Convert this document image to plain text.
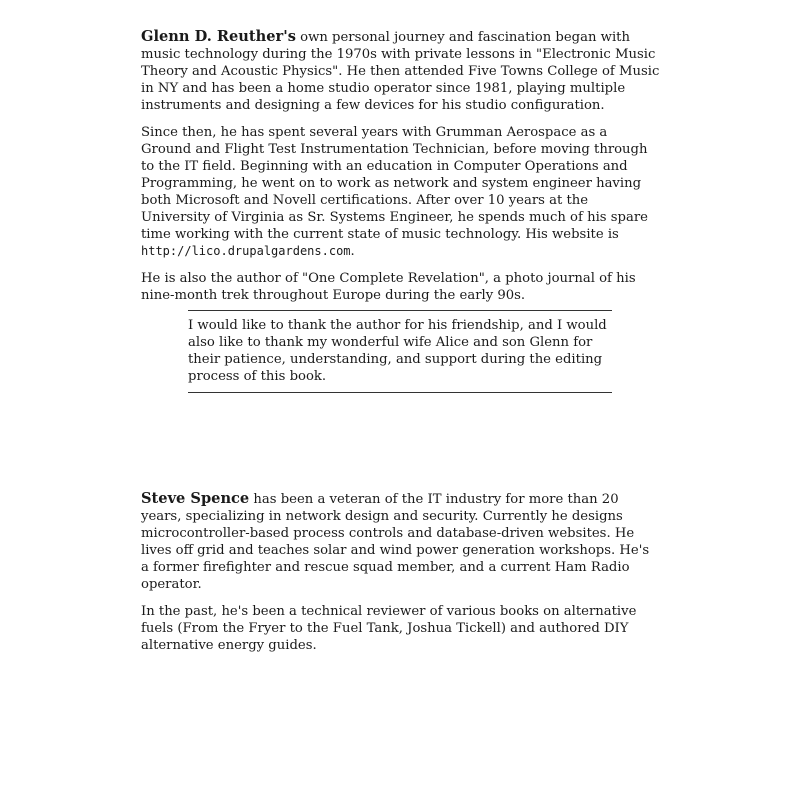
Glenn D. Reuther's own personal journey and fascination began with music technology during the 1970s with private lessons in "Electronic Music Theory and Acoustic Physics". He then attended Five Towns College of Music in NY and has been a home studio operator since 1981, playing multiple instruments and designing a few devices for his studio configuration.

Since then, he has spent several years with Grumman Aerospace as a Ground and Flight Test Instrumentation Technician, before moving through to the IT field. Beginning with an education in Computer Operations and Programming, he went on to work as network and system engineer having both Microsoft and Novell certifications. After over 10 years at the University of Virginia as Sr. Systems Engineer, he spends much of his spare time working with the current state of music technology. His website is http://lico.drupalgardens.com.

He is also the author of "One Complete Revelation", a photo journal of his nine-month trek throughout Europe during the early 90s.

I would like to thank the author for his friendship, and I would also like to thank my wonderful wife Alice and son Glenn for their patience, understanding, and support during the editing process of this book.

Steve Spence has been a veteran of the IT industry for more than 20 years, specializing in network design and security. Currently he designs microcontroller-based process controls and database-driven websites. He lives off grid and teaches solar and wind power generation workshops. He's a former firefighter and rescue squad member, and a current Ham Radio operator.

In the past, he's been a technical reviewer of various books on alternative fuels (From the Fryer to the Fuel Tank, Joshua Tickell) and authored DIY alternative energy guides.
